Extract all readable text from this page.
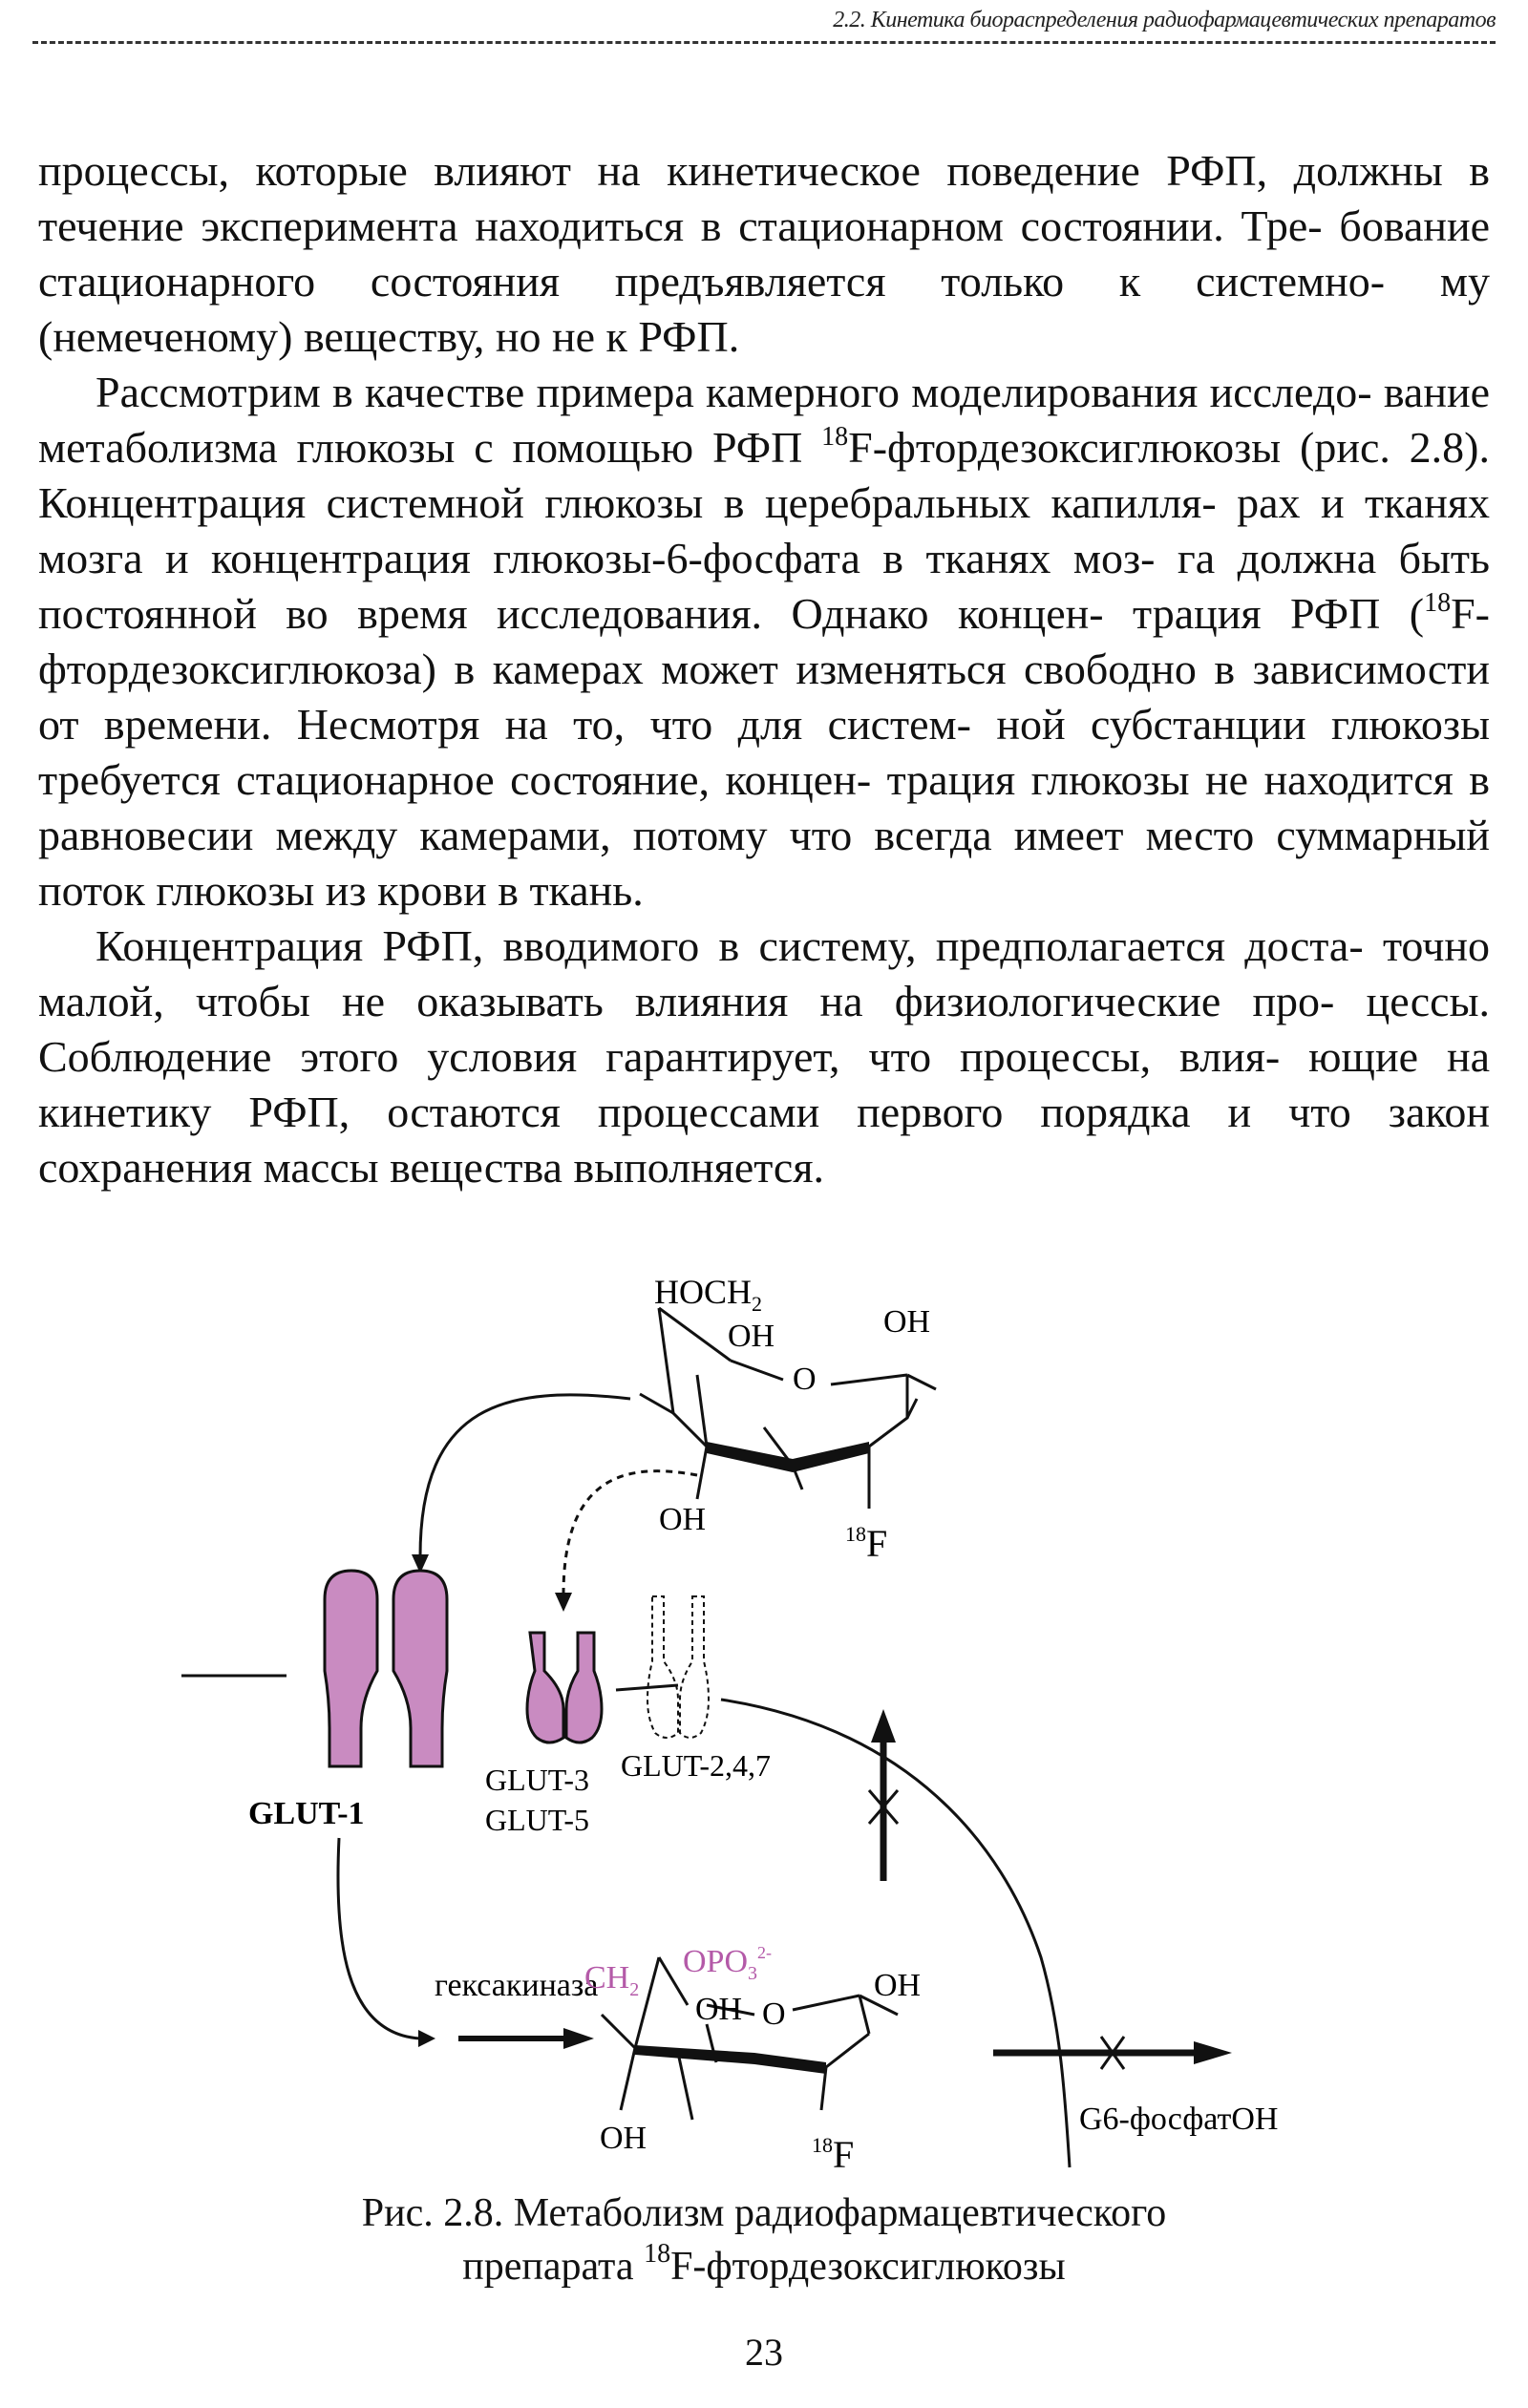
2.2. Кинетика биораспределения радиофармацевтических препаратов

процессы, которые влияют на кинетическое поведение РФП, должны в течение эксперимента находиться в стационарном состоянии. Тре- бование стационарного состояния предъявляется только к системно- му (немеченому) веществу, но не к РФП.

Рассмотрим в качестве примера камерного моделирования исследо- вание метаболизма глюкозы с помощью РФП $^{18}$F-фтордезоксиглюкозы (рис. 2.8). Концентрация системной глюкозы в церебральных капилля- рах и тканях мозга и концентрация глюкозы-6-фосфата в тканях моз- га должна быть постоянной во время исследования. Однако концен- трация РФП ($^{18}$F-фтордезоксиглюкоза) в камерах может изменяться свободно в зависимости от времени. Несмотря на то, что для систем- ной субстанции глюкозы требуется стационарное состояние, концен- трация глюкозы не находится в равновесии между камерами, потому что всегда имеет место суммарный поток глюкозы из крови в ткань.

Концентрация РФП, вводимого в систему, предполагается доста- точно малой, чтобы не оказывать влияния на физиологические про- цессы. Соблюдение этого условия гарантирует, что процессы, влия- ющие на кинетику РФП, остаются процессами первого порядка и что закон сохранения массы вещества выполняется.

$HOCH_2$
OH	OH
O
OH	$^{18}$F
GLUT-1
GLUT-3
GLUT-5
GLUT-2,4,7
гексакиназа
$CH_2$
$OPO_3^{2-}$
OH
OH
O
OH	$^{18}$F
G6-фосфатOH
Рис. 2.8. Метаболизм радиофармацевтического
препарата $^{18}$F-фтордезоксиглюкозы
23
